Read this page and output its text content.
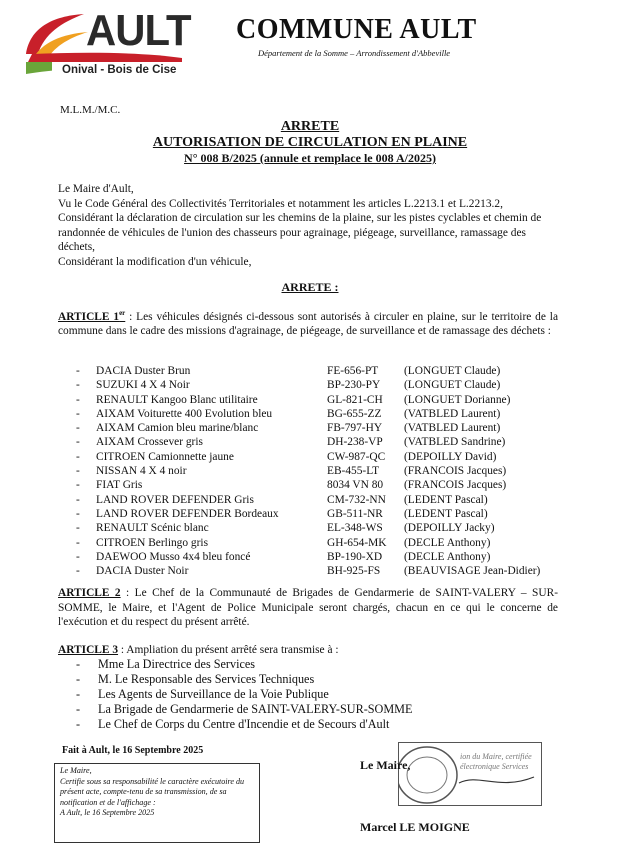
AULT
Onival - Bois de Cise
COMMUNE AULT
Département de la Somme – Arrondissement d'Abbeville
M.L.M./M.C.
ARRETE
AUTORISATION DE CIRCULATION EN PLAINE
N° 008 B/2025 (annule et remplace le 008 A/2025)
Le Maire d'Ault,
Vu le Code Général des Collectivités Territoriales et notamment les articles L.2213.1 et L.2213.2,
Considérant la déclaration de circulation sur les chemins de la plaine, sur les pistes cyclables et chemin de randonnée de véhicules de l'union des chasseurs pour agrainage, piégeage, surveillance, ramassage des déchets,
Considérant la modification d'un véhicule,
ARRETE :
ARTICLE 1er : Les véhicules désignés ci-dessous sont autorisés à circuler en plaine, sur le territoire de la commune dans le cadre des missions d'agrainage, de piégeage, de surveillance et de ramassage des déchets :
- DACIA Duster Brun	FE-656-PT (LONGUET Claude)
- SUZUKI 4 X 4 Noir	BP-230-PY (LONGUET Claude)
- RENAULT Kangoo Blanc utilitaire	GL-821-CH (LONGUET Dorianne)
- AIXAM Voiturette 400 Evolution bleu	BG-655-ZZ (VATBLED Laurent)
- AIXAM Camion bleu marine/blanc	FB-797-HY (VATBLED Laurent)
- AIXAM Crossever gris	DH-238-VP (VATBLED Sandrine)
- CITROEN Camionnette jaune	CW-987-QC (DEPOILLY David)
- NISSAN 4 X 4 noir	EB-455-LT (FRANCOIS Jacques)
- FIAT Gris	8034 VN 80 (FRANCOIS Jacques)
- LAND ROVER DEFENDER Gris	CM-732-NN (LEDENT Pascal)
- LAND ROVER DEFENDER Bordeaux	GB-511-NR (LEDENT Pascal)
- RENAULT Scénic blanc	EL-348-WS (DEPOILLY Jacky)
- CITROEN Berlingo gris	GH-654-MK (DECLE Anthony)
- DAEWOO Musso 4x4 bleu foncé	BP-190-XD (DECLE Anthony)
- DACIA Duster Noir	BH-925-FS (BEAUVISAGE Jean-Didier)
ARTICLE 2 : Le Chef de la Communauté de Brigades de Gendarmerie de SAINT-VALERY – SUR-SOMME, le Maire, et l'Agent de Police Municipale seront chargés, chacun en ce qui le concerne de l'exécution et du respect du présent arrêté.
ARTICLE 3 : Ampliation du présent arrêté sera transmise à :
- Mme La Directrice des Services
- M. Le Responsable des Services Techniques
- Les Agents de Surveillance de la Voie Publique
- La Brigade de Gendarmerie de SAINT-VALERY-SUR-SOMME
- Le Chef de Corps du Centre d'Incendie et de Secours d'Ault
Fait à Ault, le 16 Septembre 2025
Le Maire,
Certifie sous sa responsabilité le caractère exécutoire du présent acte, compte-tenu de sa transmission, de sa notification et de l'affichage :
A Ault, le 16 Septembre 2025
ion du Maire, certifiée électronique Services
Le Maire,
Marcel LE MOIGNE
